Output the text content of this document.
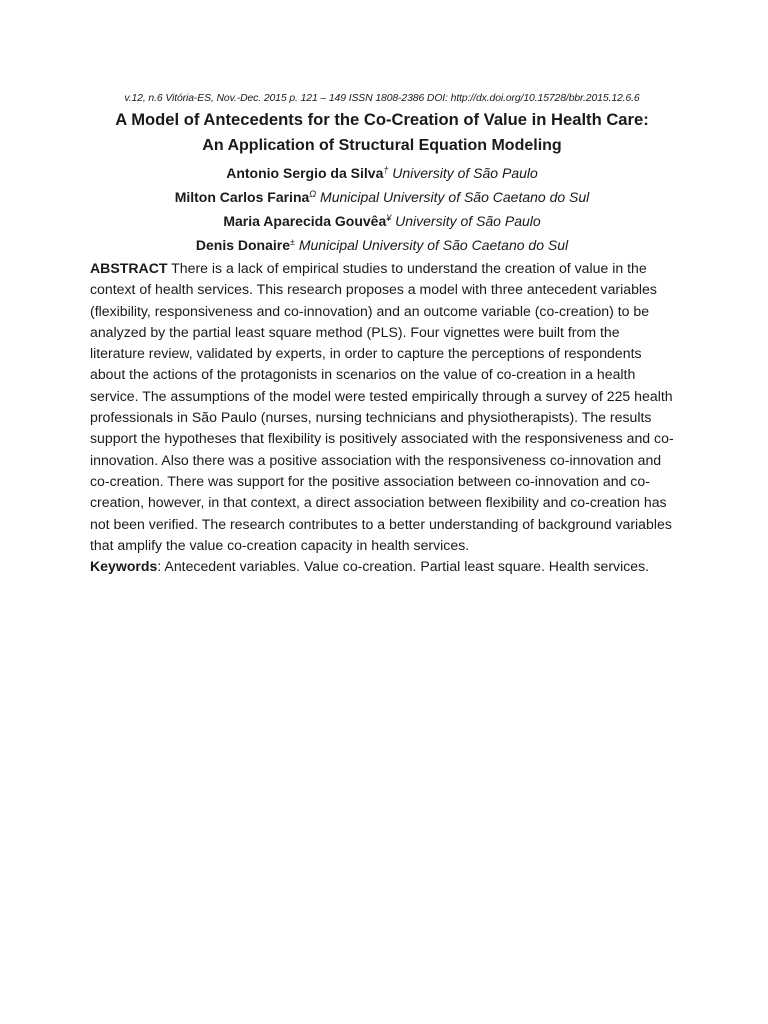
v.12, n.6 Vitória-ES, Nov.-Dec. 2015 p. 121 – 149 ISSN 1808-2386 DOI: http://dx.doi.org/10.15728/bbr.2015.12.6.6

A Model of Antecedents for the Co-Creation of Value in Health Care:
An Application of Structural Equation Modeling

Antonio Sergio da Silva† University of São Paulo

Milton Carlos Farina$^\Omega$ Municipal University of São Caetano do Sul

Maria Aparecida Gouvêa¥ University of São Paulo

Denis Donaire± Municipal University of São Caetano do Sul

ABSTRACT There is a lack of empirical studies to understand the creation of value in the context of health services. This research proposes a model with three antecedent variables (flexibility, responsiveness and co-innovation) and an outcome variable (co-creation) to be analyzed by the partial least square method (PLS). Four vignettes were built from the literature review, validated by experts, in order to capture the perceptions of respondents about the actions of the protagonists in scenarios on the value of co-creation in a health service. The assumptions of the model were tested empirically through a survey of 225 health professionals in São Paulo (nurses, nursing technicians and physiotherapists). The results support the hypotheses that flexibility is positively associated with the responsiveness and co-innovation. Also there was a positive association with the responsiveness co-innovation and co-creation. There was support for the positive association between co-innovation and co-creation, however, in that context, a direct association between flexibility and co-creation has not been verified. The research contributes to a better understanding of background variables that amplify the value co-creation capacity in health services.

Keywords: Antecedent variables. Value co-creation. Partial least square. Health services.
